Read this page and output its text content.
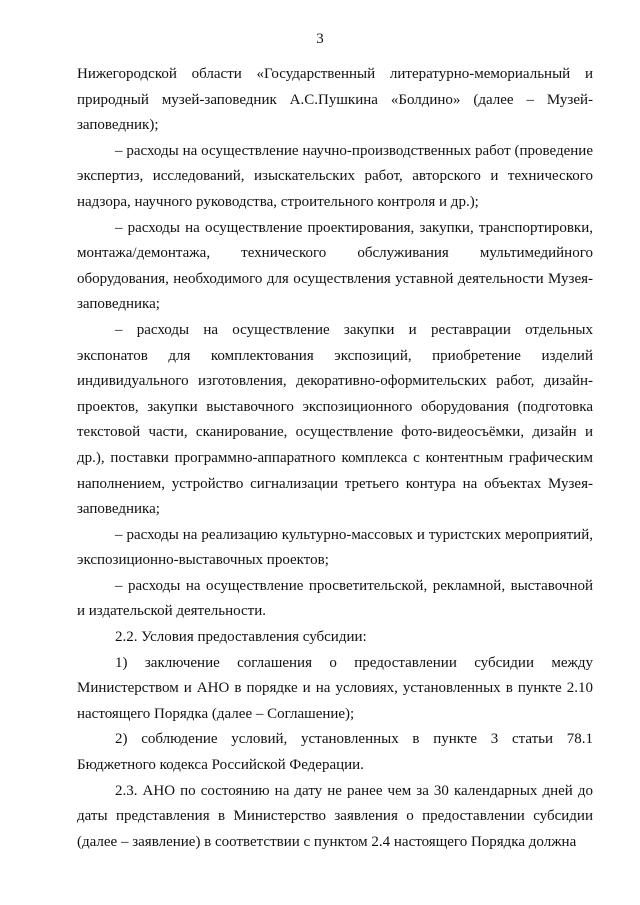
3

Нижегородской области «Государственный литературно-мемориальный и природный музей-заповедник А.С.Пушкина «Болдино» (далее – Музей-заповедник);

– расходы на осуществление научно-производственных работ (проведение экспертиз, исследований, изыскательских работ, авторского и технического надзора, научного руководства, строительного контроля и др.);

– расходы на осуществление проектирования, закупки, транспортировки, монтажа/демонтажа, технического обслуживания мультимедийного оборудования, необходимого для осуществления уставной деятельности Музея-заповедника;

– расходы на осуществление закупки и реставрации отдельных экспонатов для комплектования экспозиций, приобретение изделий индивидуального изготовления, декоративно-оформительских работ, дизайн-проектов, закупки выставочного экспозиционного оборудования (подготовка текстовой части, сканирование, осуществление фото-видеосъёмки, дизайн и др.), поставки программно-аппаратного комплекса с контентным графическим наполнением, устройство сигнализации третьего контура на объектах Музея-заповедника;

– расходы на реализацию культурно-массовых и туристских мероприятий, экспозиционно-выставочных проектов;

– расходы на осуществление просветительской, рекламной, выставочной и издательской деятельности.

2.2. Условия предоставления субсидии:

1) заключение соглашения о предоставлении субсидии между Министерством и АНО в порядке и на условиях, установленных в пункте 2.10 настоящего Порядка (далее – Соглашение);

2) соблюдение условий, установленных в пункте 3 статьи 78.1 Бюджетного кодекса Российской Федерации.

2.3. АНО по состоянию на дату не ранее чем за 30 календарных дней до даты представления в Министерство заявления о предоставлении субсидии (далее – заявление) в соответствии с пунктом 2.4 настоящего Порядка должна
